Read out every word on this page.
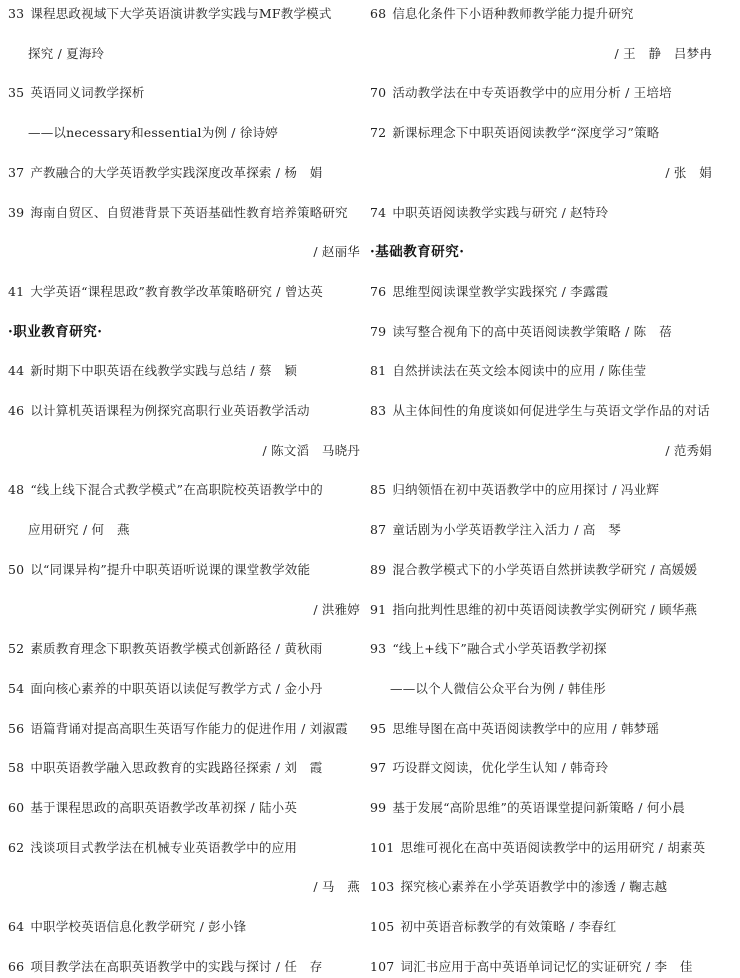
33 课程思政视域下大学英语演讲教学实践与MF教学模式
探究 / 夏海玲
35 英语同义词教学探析
——以necessary和essential为例 / 徐诗婷
37 产教融合的大学英语教学实践深度改革探索 / 杨　娟
39 海南自贸区、自贸港背景下英语基础性教育培养策略研究
/ 赵丽华
41 大学英语“课程思政”教育教学改革策略研究 / 曾达英
·职业教育研究·
44 新时期下中职英语在线教学实践与总结 / 蔡　颖
46 以计算机英语课程为例探究高职行业英语教学活动
/ 陈文滔　马晓丹
48 “线上线下混合式教学模式”在高职院校英语教学中的
应用研究 / 何　燕
50 以“同课异构”提升中职英语听说课的课堂教学效能
/ 洪雅婷
52 素质教育理念下职教英语教学模式创新路径 / 黄秋雨
54 面向核心素养的中职英语以读促写教学方式 / 金小丹
56 语篇背诵对提高高职生英语写作能力的促进作用 / 刘淑霞
58 中职英语教学融入思政教育的实践路径探索 / 刘　霞
60 基于课程思政的高职英语教学改革初探 / 陆小英
62 浅谈项目式教学法在机械专业英语教学中的应用
/ 马　燕
64 中职学校英语信息化教学研究 / 彭小锋
66 项目教学法在高职英语教学中的实践与探讨 / 任　存
68 信息化条件下小语种教师教学能力提升研究
/ 王　静　吕梦冉
70 活动教学法在中专英语教学中的应用分析 / 王培培
72 新课标理念下中职英语阅读教学“深度学习”策略
/ 张　娟
74 中职英语阅读教学实践与研究 / 赵特玲
·基础教育研究·
76 思维型阅读课堂教学实践探究 / 李露霞
79 读写整合视角下的高中英语阅读教学策略 / 陈　蓓
81 自然拼读法在英文绘本阅读中的应用 / 陈佳莹
83 从主体间性的角度谈如何促进学生与英语文学作品的对话
/ 范秀娟
85 归纳领悟在初中英语教学中的应用探讨 / 冯业辉
87 童话剧为小学英语教学注入活力 / 高　琴
89 混合教学模式下的小学英语自然拼读教学研究 / 高媛媛
91 指向批判性思维的初中英语阅读教学实例研究 / 顾华燕
93 “线上+线下”融合式小学英语教学初探
——以个人微信公众平台为例 / 韩佳彤
95 思维导图在高中英语阅读教学中的应用 / 韩梦瑶
97 巧设群文阅读，优化学生认知 / 韩奇玲
99 基于发展“高阶思维”的英语课堂提问新策略 / 何小晨
101 思维可视化在高中英语阅读教学中的运用研究 / 胡素英
103 探究核心素养在小学英语教学中的渗透 / 鞠志越
105 初中英语音标教学的有效策略 / 李春红
107 词汇书应用于高中英语单词记忆的实证研究 / 李　佳
